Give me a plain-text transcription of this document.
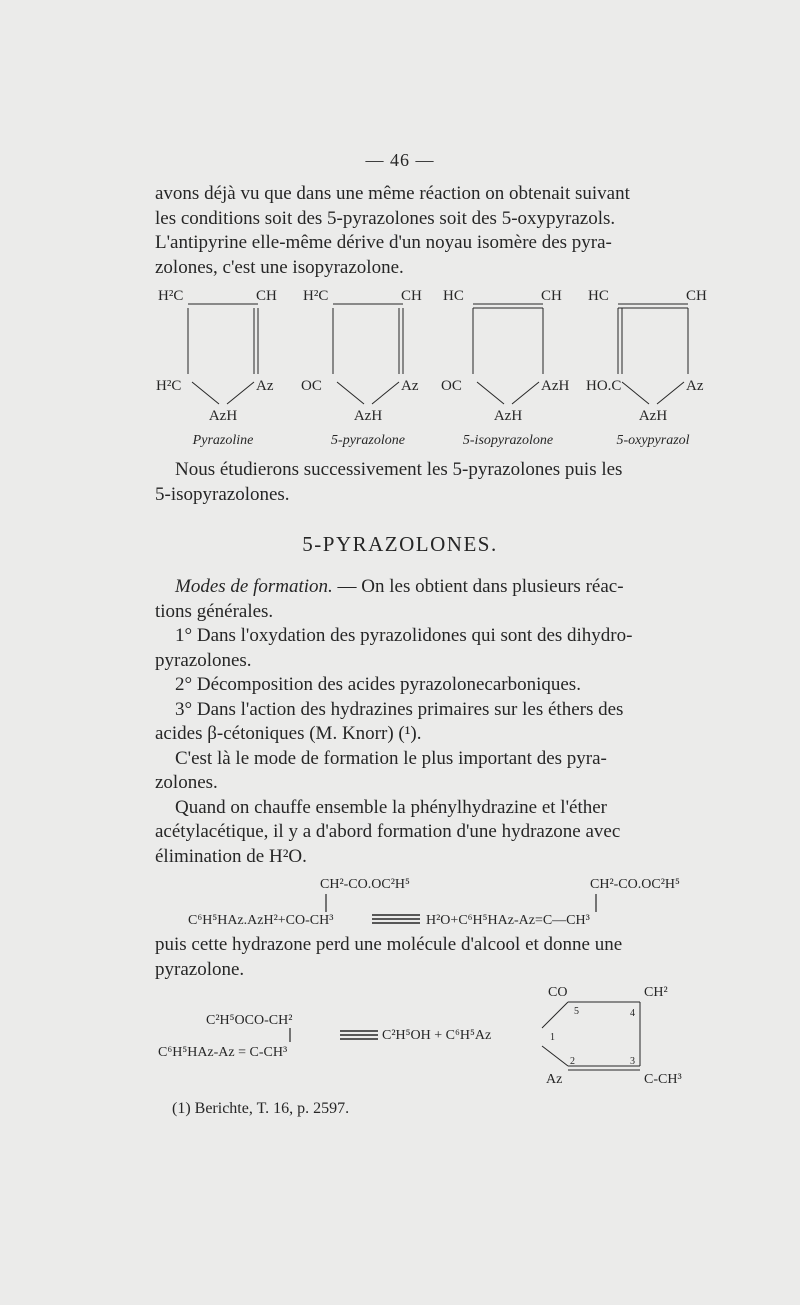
— 46 —

avons déjà vu que dans une même réaction on obtenait suivant

les conditions soit des 5-pyrazolones soit des 5-oxypyrazols.

L'antipyrine elle-même dérive d'un noyau isomère des pyra-

zolones, c'est une isopyrazolone.

H²C	CH
H²C	Az
AzH
Pyrazoline
H²C	CH
OC	Az
AzH
5-pyrazolone
HC	CH
OC	AzH
AzH
5-isopyrazolone
HC	CH
HO.C	Az
AzH
5-oxypyrazol

Nous étudierons successivement les 5-pyrazolones puis les

5-isopyrazolones.

5-PYRAZOLONES.

Modes de formation. — On les obtient dans plusieurs réac-

tions générales.

1° Dans l'oxydation des pyrazolidones qui sont des dihydro-

pyrazolones.

2° Décomposition des acides pyrazolonecarboniques.

3° Dans l'action des hydrazines primaires sur les éthers des

acides β-cétoniques (M. Knorr) (¹).

C'est là le mode de formation le plus important des pyra-

zolones.

Quand on chauffe ensemble la phénylhydrazine et l'éther

acétylacétique, il y a d'abord formation d'une hydrazone avec

élimination de H²O.

CH²-CO.OC²H⁵
C⁶H⁵HAz.AzH²+CO-CH³	H²O+C⁶H⁵HAz-Az=C—CH³
CH²-CO.OC²H⁵

puis cette hydrazone perd une molécule d'alcool et donne une

pyrazolone.

C²H⁵OCO-CH²
C⁶H⁵HAz-Az = C-CH³
C²H⁵OH + C⁶H⁵Az
CO	CH²
Az	C-CH³
5	4
1
2	3
(1) Berichte, T. 16, p. 2597.
